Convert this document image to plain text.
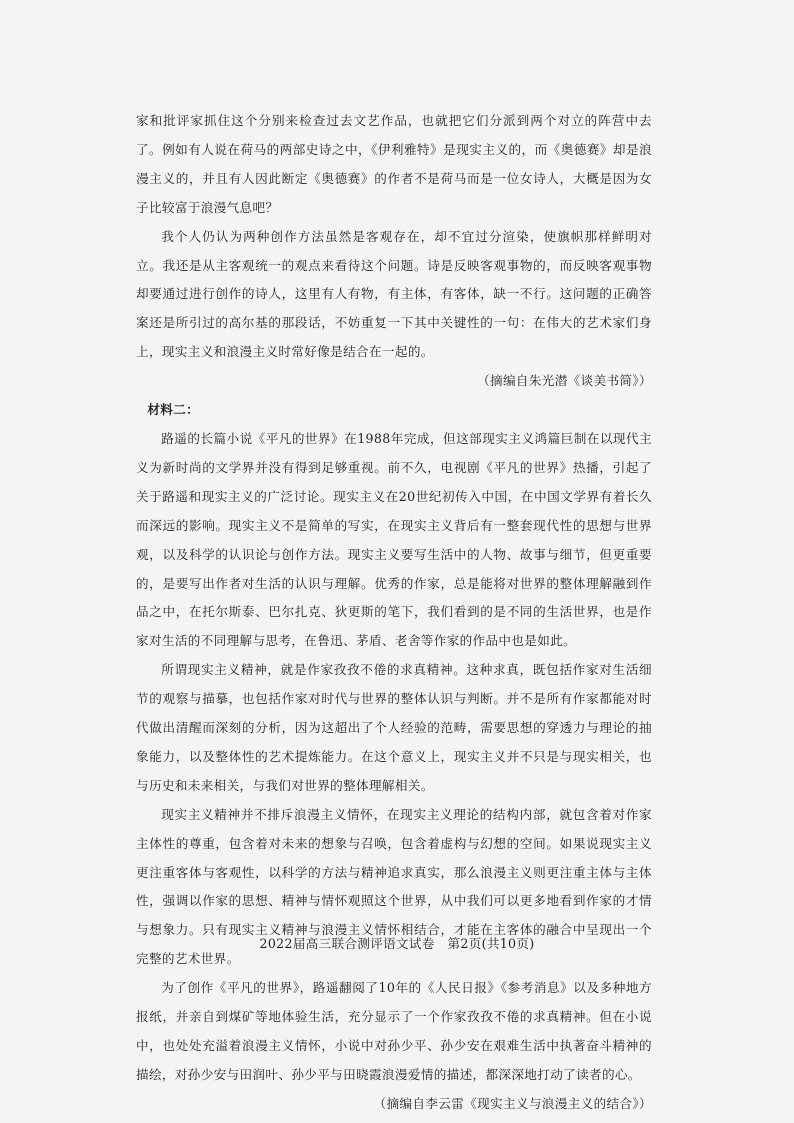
家和批评家抓住这个分别来检查过去文艺作品，也就把它们分派到两个对立的阵营中去了。例如有人说在荷马的两部史诗之中，《伊利雅特》是现实主义的，而《奥德赛》却是浪漫主义的，并且有人因此断定《奥德赛》的作者不是荷马而是一位女诗人，大概是因为女子比较富于浪漫气息吧？

我个人仍认为两种创作方法虽然是客观存在，却不宜过分渲染，使旗帜那样鲜明对立。我还是从主客观统一的观点来看待这个问题。诗是反映客观事物的，而反映客观事物却要通过进行创作的诗人，这里有人有物，有主体，有客体，缺一不行。这问题的正确答案还是所引过的高尔基的那段话，不妨重复一下其中关键性的一句：在伟大的艺术家们身上，现实主义和浪漫主义时常好像是结合在一起的。

（摘编自朱光潜《谈美书简》）

材料二：

路遥的长篇小说《平凡的世界》在1988年完成，但这部现实主义鸿篇巨制在以现代主义为新时尚的文学界并没有得到足够重视。前不久，电视剧《平凡的世界》热播，引起了关于路遥和现实主义的广泛讨论。现实主义在20世纪初传入中国，在中国文学界有着长久而深远的影响。现实主义不是简单的写实，在现实主义背后有一整套现代性的思想与世界观，以及科学的认识论与创作方法。现实主义要写生活中的人物、故事与细节，但更重要的，是要写出作者对生活的认识与理解。优秀的作家，总是能将对世界的整体理解融到作品之中，在托尔斯泰、巴尔扎克、狄更斯的笔下，我们看到的是不同的生活世界，也是作家对生活的不同理解与思考，在鲁迅、茅盾、老舍等作家的作品中也是如此。

所谓现实主义精神，就是作家孜孜不倦的求真精神。这种求真，既包括作家对生活细节的观察与描摹，也包括作家对时代与世界的整体认识与判断。并不是所有作家都能对时代做出清醒而深刻的分析，因为这超出了个人经验的范畴，需要思想的穿透力与理论的抽象能力，以及整体性的艺术提炼能力。在这个意义上，现实主义并不只是与现实相关，也与历史和未来相关，与我们对世界的整体理解相关。

现实主义精神并不排斥浪漫主义情怀，在现实主义理论的结构内部，就包含着对作家主体性的尊重，包含着对未来的想象与召唤，包含着虚构与幻想的空间。如果说现实主义更注重客体与客观性，以科学的方法与精神追求真实，那么浪漫主义则更注重主体与主体性，强调以作家的思想、精神与情怀观照这个世界，从中我们可以更多地看到作家的才情与想象力。只有现实主义精神与浪漫主义情怀相结合，才能在主客体的融合中呈现出一个完整的艺术世界。

为了创作《平凡的世界》，路遥翻阅了10年的《人民日报》《参考消息》以及多种地方报纸，并亲自到煤矿等地体验生活，充分显示了一个作家孜孜不倦的求真精神。但在小说中，也处处充溢着浪漫主义情怀，小说中对孙少平、孙少安在艰难生活中执著奋斗精神的描绘，对孙少安与田润叶、孙少平与田晓霞浪漫爱情的描述，都深深地打动了读者的心。

（摘编自李云雷《现实主义与浪漫主义的结合》）

2022届高三联合测评语文试卷　第2页(共10页)
